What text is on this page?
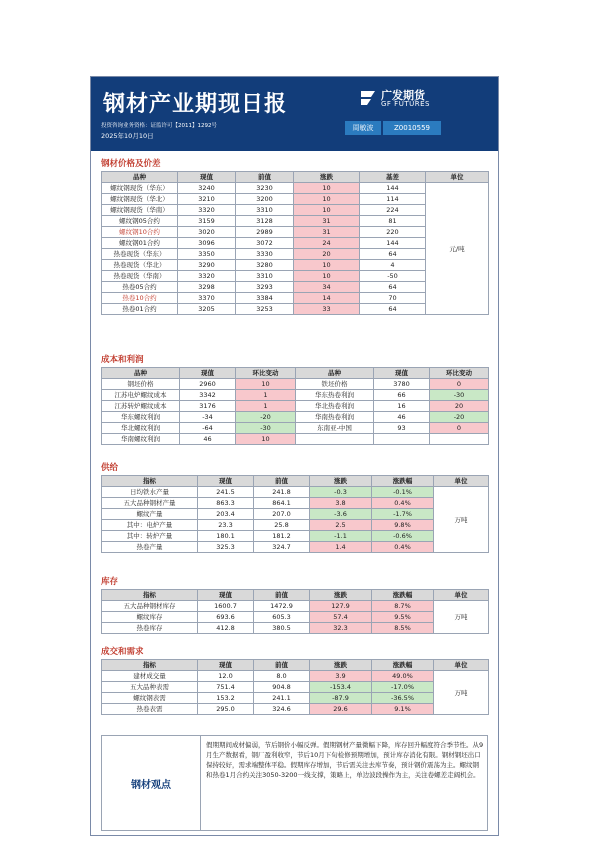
钢材产业期现日报	广发期货
GF FUTURES
投资咨询业务资格：证监许可【2011】1292号
2025年10月10日
周敏波	Z0010559
钢材价格及价差
品种	现值	前值	涨跌	基差	单位
螺纹钢现货（华东）	3240	3230	10	144	元/吨
螺纹钢现货（华北）	3210	3200	10	114	
螺纹钢现货（华南）	3320	3310	10	224	
螺纹钢05合约	3159	3128	31	81	
螺纹钢10合约	3020	2989	31	220	
螺纹钢01合约	3096	3072	24	144	
热卷现货（华东）	3350	3330	20	64	
热卷现货（华北）	3290	3280	10	4	
热卷现货（华南）	3320	3310	10	-50	
热卷05合约	3298	3293	34	64	
热卷10合约	3370	3384	14	70	
热卷01合约	3205	3253	33	64	
成本和利润
品种	现值	环比变动	品种	现值	环比变动
钢坯价格	2960	10	铁坯价格	3780	0
江苏电炉螺纹成本	3342	1	华东热卷利润	66	-30
江苏转炉螺纹成本	3176	1	华北热卷利润	16	20
华东螺纹利润	-34	-20	华南热卷利润	46	-20
华北螺纹利润	-64	-30	东南亚-中国	93	0
华南螺纹利润	46	10			
供给
指标	现值	前值	涨跌	涨跌幅	单位
日均铁水产量	241.5	241.8	-0.3	-0.1%	万吨
五大品种钢材产量	863.3	864.1	3.8	0.4%	
螺纹产量	203.4	207.0	-3.6	-1.7%	
其中：电炉产量	23.3	25.8	2.5	9.8%	
其中：转炉产量	180.1	181.2	-1.1	-0.6%	
热卷产量	325.3	324.7	1.4	0.4%	
库存
指标	现值	前值	涨跌	涨跌幅	单位
五大品种钢材库存	1600.7	1472.9	127.9	8.7%	万吨
螺纹库存	693.6	605.3	57.4	9.5%	
热卷库存	412.8	380.5	32.3	8.5%	
成交和需求
指标	现值	前值	涨跌	涨跌幅	单位
建材成交量	12.0	8.0	3.9	49.0%	万吨
五大品种表需	751.4	904.8	-153.4	-17.0%	
螺纹钢表需	153.2	241.1	-87.9	-36.5%	
热卷表需	295.0	324.6	29.6	9.1%	
钢材观点
假期期间成材偏弱，节后钢价小幅反弹。假期钢材产量微幅下降，库存回升幅度符合季节性。从9月生产数据看，钢厂盈利收窄，节后10月下旬检修预期增加，预计库存消化有限。钢材钢坯出口保持较好，需求端整体平稳。假期库存增加，节后需关注去库节奏，预计钢价震荡为主。螺纹钢和热卷1月合约关注3050-3200一线支撑，策略上，单边波段操作为主，关注卷螺差走阔机会。
